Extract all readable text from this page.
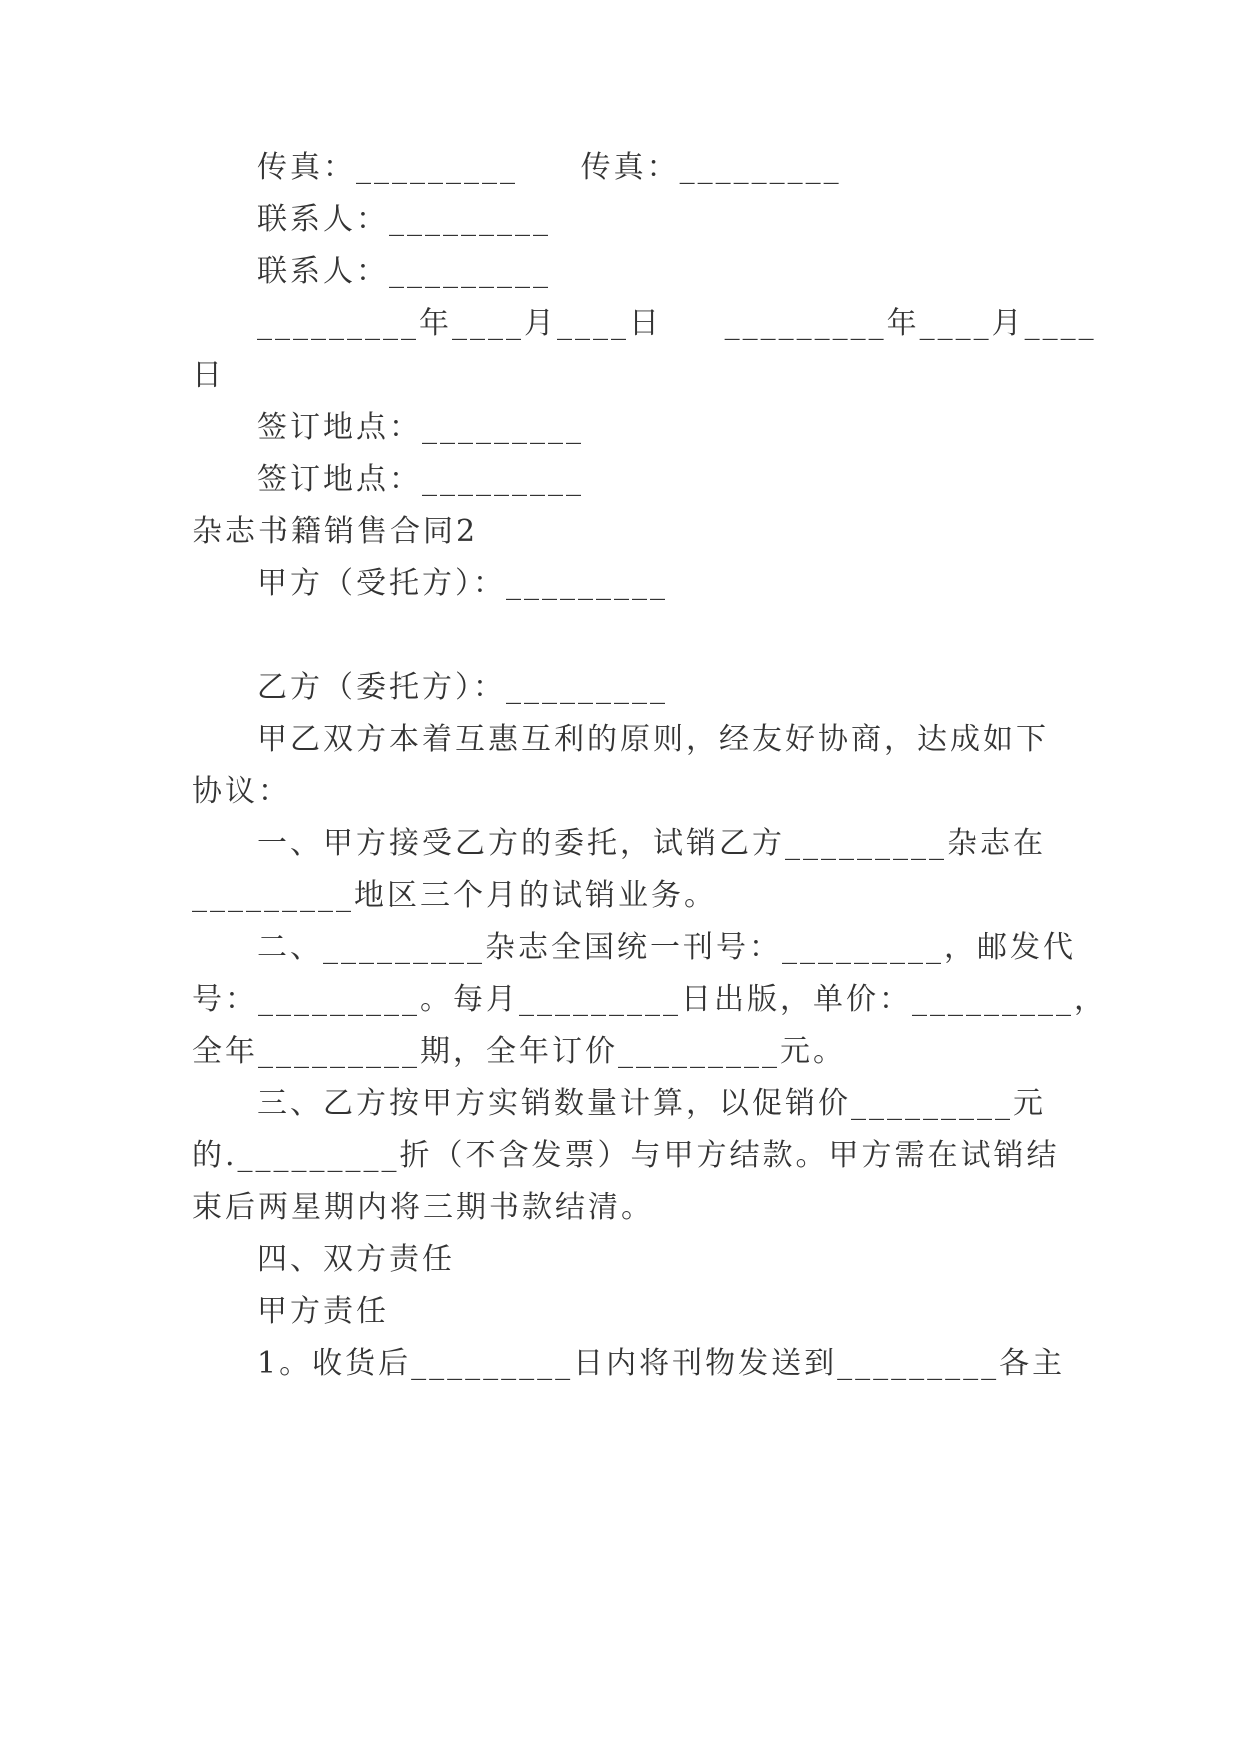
传真：_________     传真：_________

联系人：_________

联系人：_________

_________年____月____日     _________年____月____

日

签订地点：_________

签订地点：_________

杂志书籍销售合同2

甲方（受托方）：_________

乙方（委托方）：_________

甲乙双方本着互惠互利的原则，经友好协商，达成如下

协议：

一、甲方接受乙方的委托，试销乙方_________杂志在

_________地区三个月的试销业务。

二、_________杂志全国统一刊号：_________，邮发代

号：_________。每月_________日出版，单价：_________，

全年_________期，全年订价_________元。

三、乙方按甲方实销数量计算，以促销价_________元

的._________折（不含发票）与甲方结款。甲方需在试销结

束后两星期内将三期书款结清。

四、双方责任

甲方责任

1。收货后_________日内将刊物发送到_________各主
